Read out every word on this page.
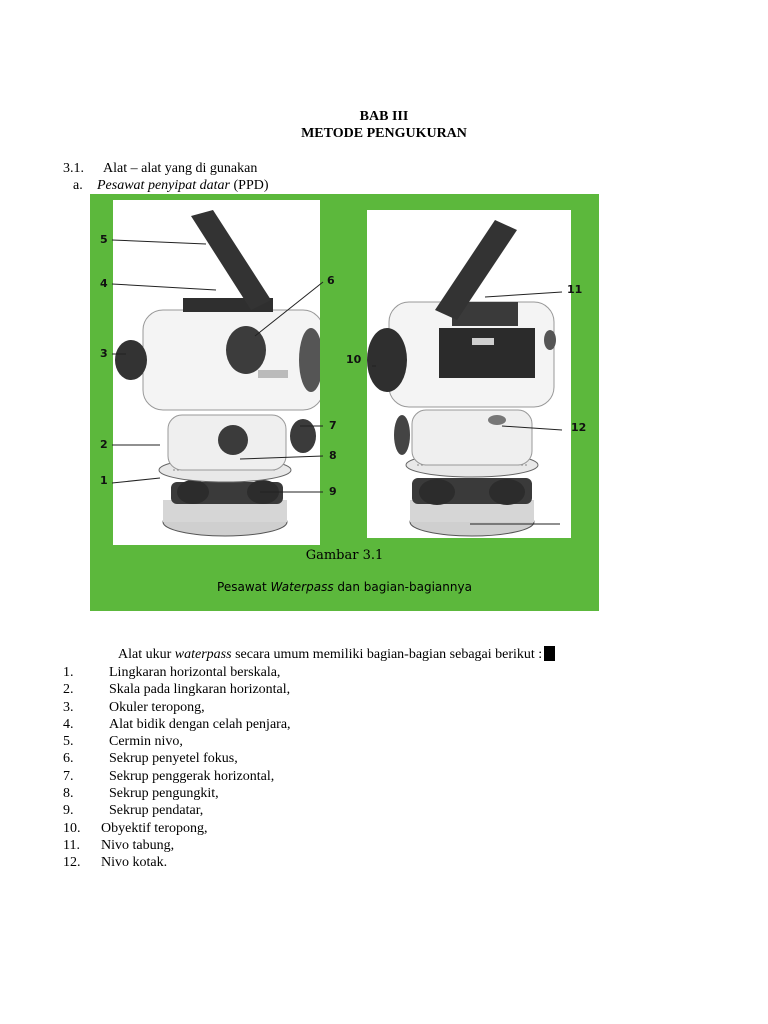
BAB III
METODE PENGUKURAN
3.1. Alat – alat yang di gunakan
a. Pesawat penyipat datar (PPD)
5
4
3
2
1
6
7
8
9
11
10
12
Gambar 3.1
Pesawat Waterpass dan bagian-bagiannya
Alat ukur waterpass secara umum memiliki bagian-bagian sebagai berikut :
1.	Lingkaran horizontal berskala,
2.	Skala pada lingkaran horizontal,
3.	Okuler teropong,
4.	Alat bidik dengan celah penjara,
5.	Cermin nivo,
6.	Sekrup penyetel fokus,
7.	Sekrup penggerak horizontal,
8.	Sekrup pengungkit,
9.	Sekrup pendatar,
10. Obyektif teropong,
11. Nivo tabung,
12. Nivo kotak.
